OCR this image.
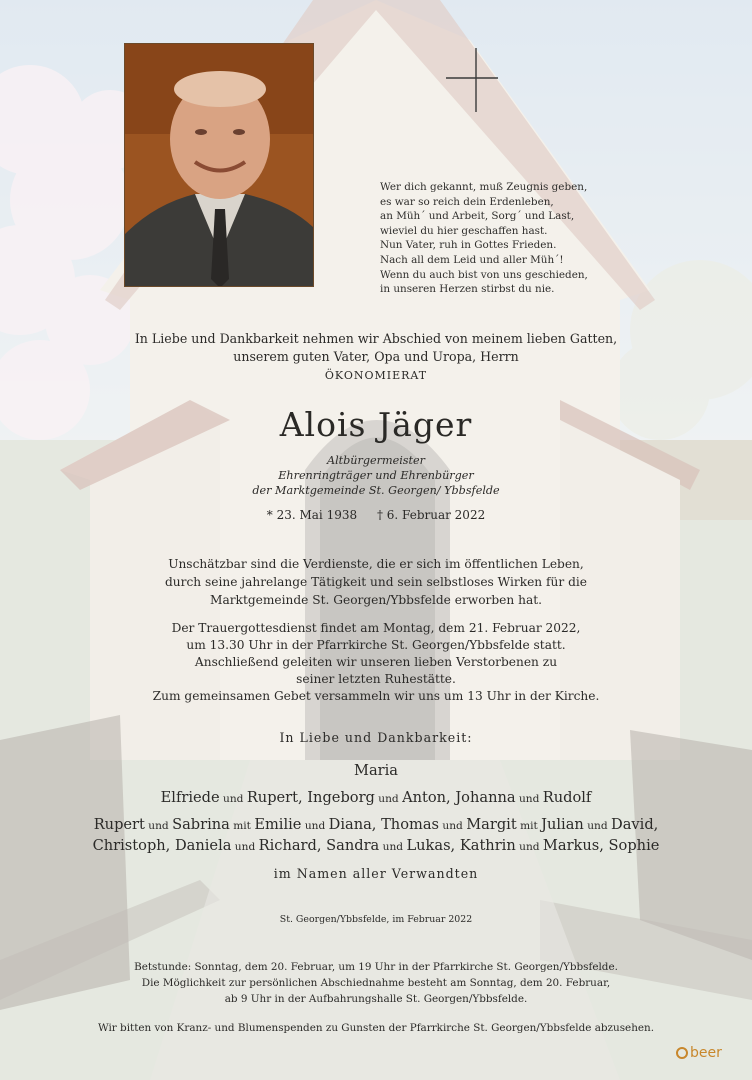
Wer dich gekannt, muß Zeugnis geben,
es war so reich dein Erdenleben,
an Müh´ und Arbeit, Sorg´ und Last,
wieviel du hier geschaffen hast.
Nun Vater, ruh in Gottes Frieden.
Nach all dem Leid und aller Müh´!
Wenn du auch bist von uns geschieden,
in unseren Herzen stirbst du nie.
In Liebe und Dankbarkeit nehmen wir Abschied von meinem lieben Gatten,
unserem guten Vater, Opa und Uropa, Herrn
ÖKONOMIERAT
Alois Jäger
Altbürgermeister
Ehrenringträger und Ehrenbürger
der Marktgemeinde St. Georgen/ Ybbsfelde
* 23. Mai 1938 † 6. Februar 2022
Unschätzbar sind die Verdienste, die er sich im öffentlichen Leben,
durch seine jahrelange Tätigkeit und sein selbstloses Wirken für die
Marktgemeinde St. Georgen/Ybbsfelde erworben hat.
Der Trauergottesdienst findet am Montag, dem 21. Februar 2022,
um 13.30 Uhr in der Pfarrkirche St. Georgen/Ybbsfelde statt.
Anschließend geleiten wir unseren lieben Verstorbenen zu
seiner letzten Ruhestätte.
Zum gemeinsamen Gebet versammeln wir uns um 13 Uhr in der Kirche.
In Liebe und Dankbarkeit:
Maria
Elfriede und Rupert, Ingeborg und Anton, Johanna und Rudolf
Rupert und Sabrina mit Emilie und Diana, Thomas und Margit mit Julian und David,
Christoph, Daniela und Richard, Sandra und Lukas, Kathrin und Markus, Sophie
im Namen aller Verwandten
St. Georgen/Ybbsfelde, im Februar 2022
Betstunde: Sonntag, dem 20. Februar, um 19 Uhr in der Pfarrkirche St. Georgen/Ybbsfelde.
Die Möglichkeit zur persönlichen Abschiednahme besteht am Sonntag, dem 20. Februar,
ab 9 Uhr in der Aufbahrungshalle St. Georgen/Ybbsfelde.
Wir bitten von Kranz- und Blumenspenden zu Gunsten der Pfarrkirche St. Georgen/Ybbsfelde abzusehen.
beer
